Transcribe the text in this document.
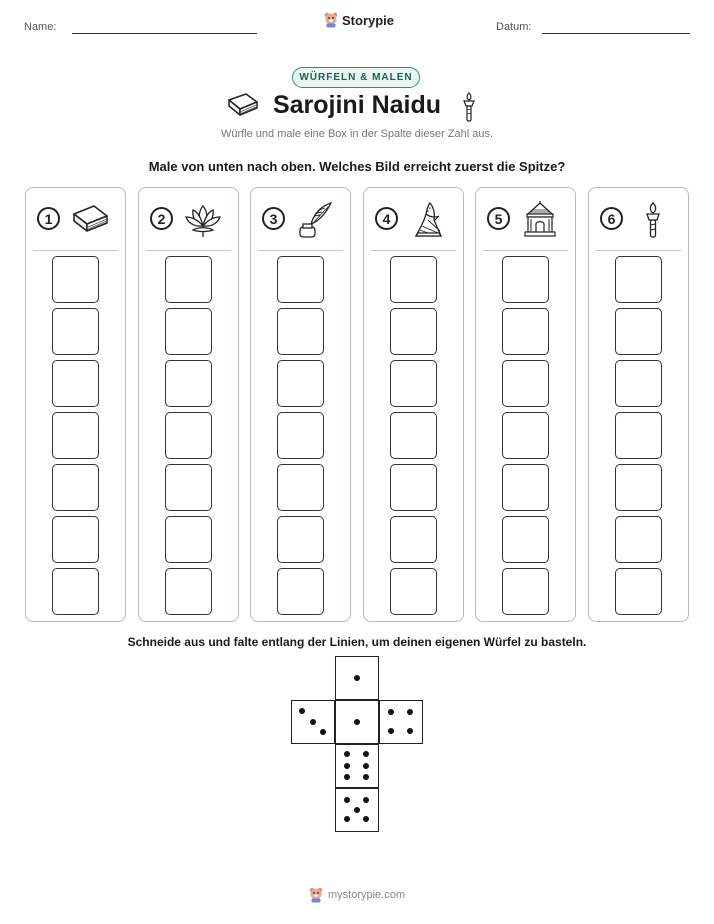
Name:	Storypie	Datum:
WÜRFELN & MALEN
Sarojini Naidu
Würfle und male eine Box in der Spalte dieser Zahl aus.
Male von unten nach oben. Welches Bild erreicht zuerst die Spitze?
1	2	3	4	5	6
Schneide aus und falte entlang der Linien, um deinen eigenen Würfel zu basteln.
mystorypie.com
